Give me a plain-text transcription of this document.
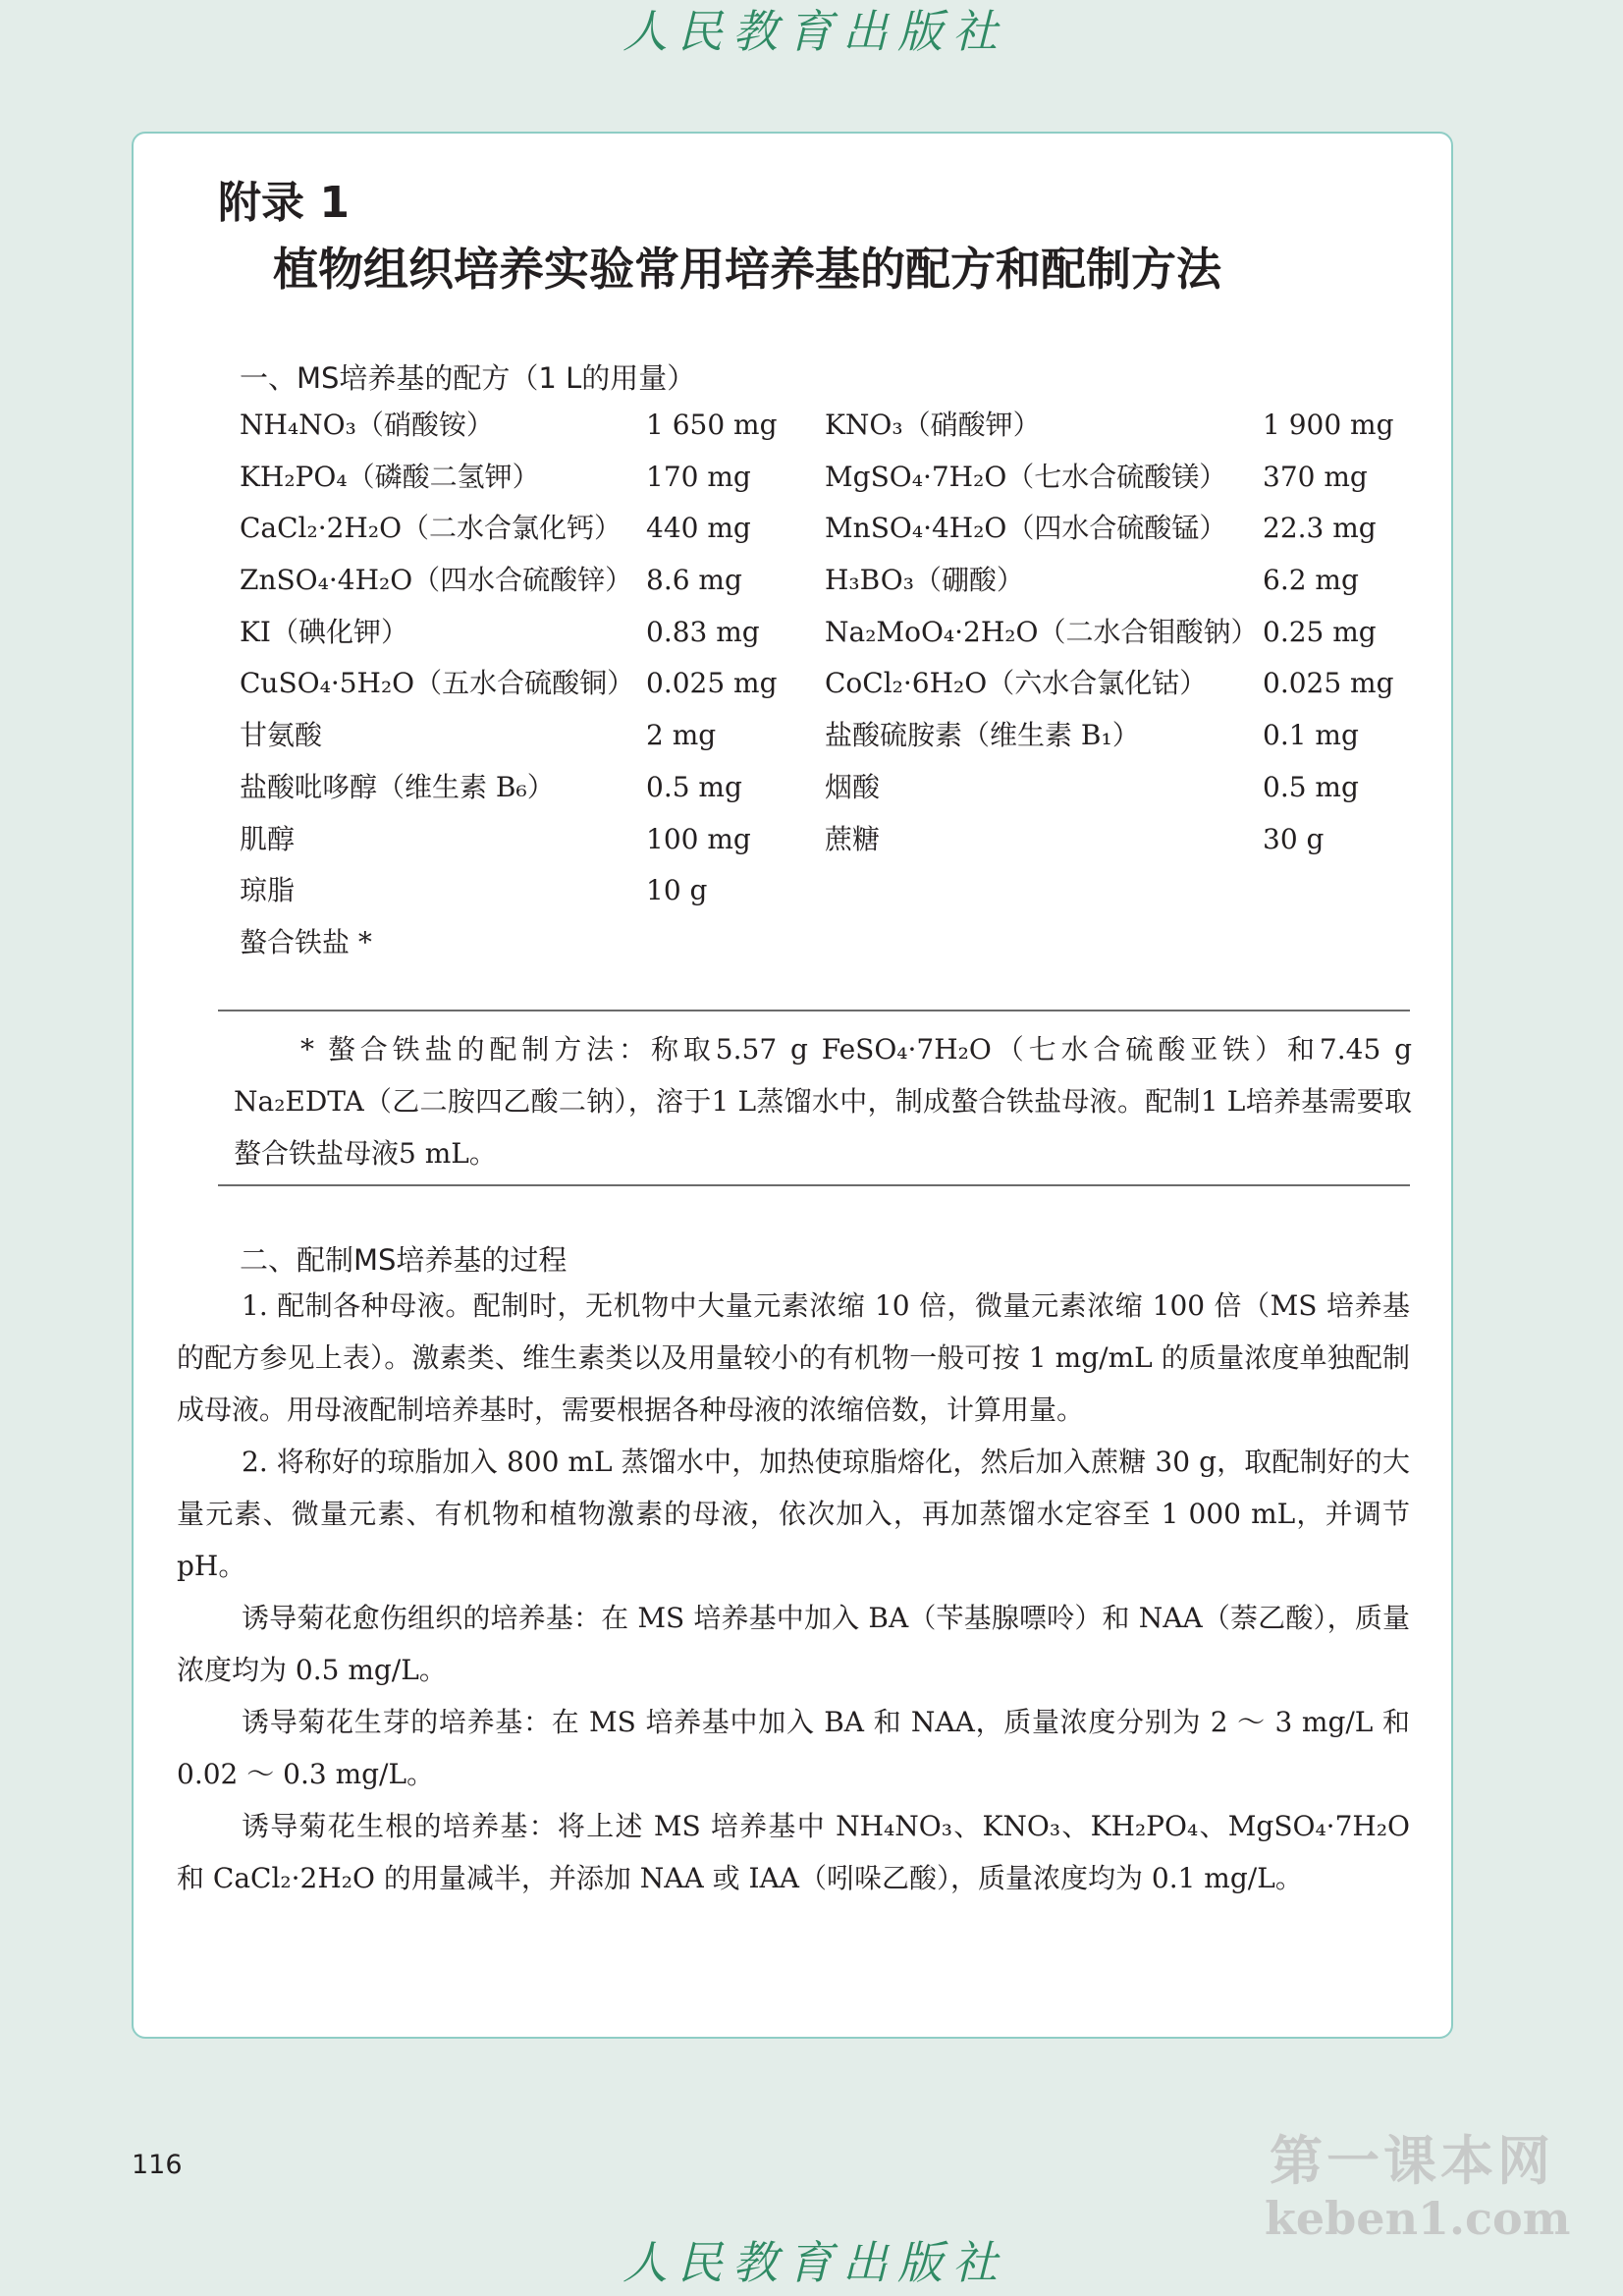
人民教育出版社
附录 1
植物组织培养实验常用培养基的配方和配制方法
一、MS培养基的配方（1 L的用量）
NH₄NO₃（硝酸铵）	1 650 mg	KNO₃（硝酸钾）	1 900 mg
KH₂PO₄（磷酸二氢钾）	170 mg	MgSO₄·7H₂O（七水合硫酸镁）	370 mg
CaCl₂·2H₂O（二水合氯化钙） 440 mg	MnSO₄·4H₂O（四水合硫酸锰）	22.3 mg
ZnSO₄·4H₂O（四水合硫酸锌） 8.6 mg	H₃BO₃（硼酸）	6.2 mg
KI（碘化钾）	0.83 mg	Na₂MoO₄·2H₂O（二水合钼酸钠） 0.25 mg
CuSO₄·5H₂O（五水合硫酸铜） 0.025 mg	CoCl₂·6H₂O（六水合氯化钴）	0.025 mg
甘氨酸	2 mg	盐酸硫胺素（维生素 B₁）	0.1 mg
盐酸吡哆醇（维生素 B₆）	0.5 mg	烟酸	0.5 mg
肌醇	100 mg	蔗糖	30 g
琼脂	10 g
螯合铁盐 *
* 螯合铁盐的配制方法：称取5.57 g FeSO₄·7H₂O（七水合硫酸亚铁）和7.45 g Na₂EDTA（乙二胺四乙酸二钠），溶于1 L蒸馏水中，制成螯合铁盐母液。配制1 L培养基需要取螯合铁盐母液5 mL。
二、配制MS培养基的过程

1. 配制各种母液。配制时，无机物中大量元素浓缩 10 倍，微量元素浓缩 100 倍（MS 培养基的配方参见上表）。激素类、维生素类以及用量较小的有机物一般可按 1 mg/mL 的质量浓度单独配制成母液。用母液配制培养基时，需要根据各种母液的浓缩倍数，计算用量。

2. 将称好的琼脂加入 800 mL 蒸馏水中，加热使琼脂熔化，然后加入蔗糖 30 g，取配制好的大量元素、微量元素、有机物和植物激素的母液，依次加入，再加蒸馏水定容至 1 000 mL，并调节 pH。

诱导菊花愈伤组织的培养基：在 MS 培养基中加入 BA（苄基腺嘌呤）和 NAA（萘乙酸），质量浓度均为 0.5 mg/L。

诱导菊花生芽的培养基：在 MS 培养基中加入 BA 和 NAA，质量浓度分别为 2 ～ 3 mg/L 和 0.02 ～ 0.3 mg/L。

诱导菊花生根的培养基：将上述 MS 培养基中 NH₄NO₃、KNO₃、KH₂PO₄、MgSO₄·7H₂O 和 CaCl₂·2H₂O 的用量减半，并添加 NAA 或 IAA（吲哚乙酸），质量浓度均为 0.1 mg/L。

116	第一课本网
keben1.com
人民教育出版社
